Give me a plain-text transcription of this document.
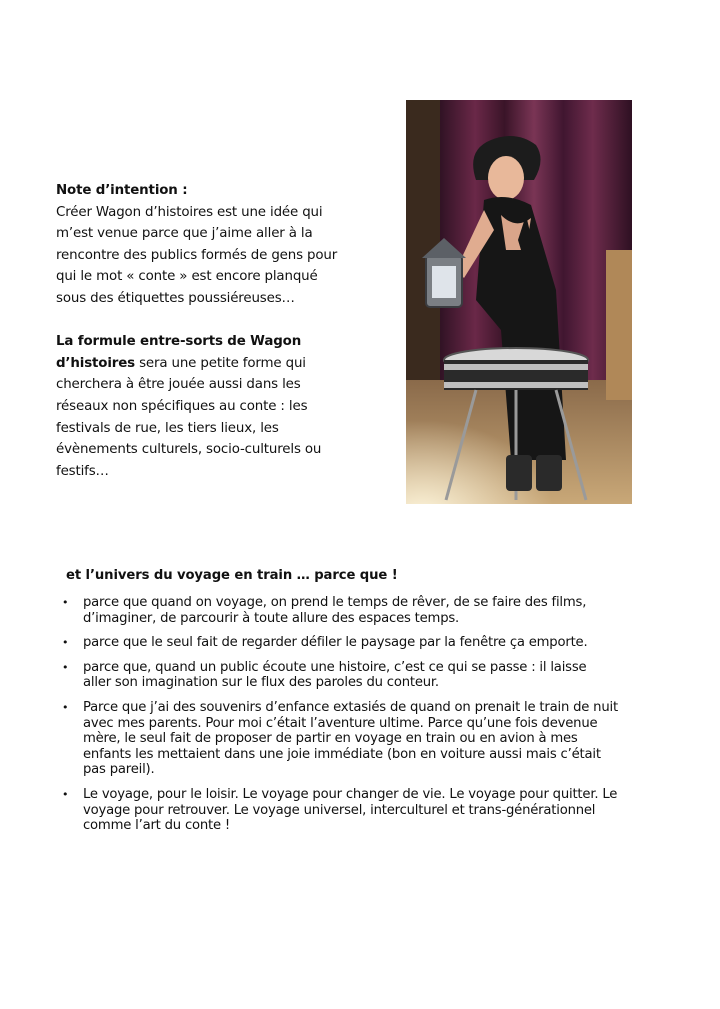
Note d’intention :

Créer Wagon d’histoires est une idée qui

m’est venue parce que j’aime aller à la

rencontre des publics formés de gens pour

qui le mot « conte » est encore planqué

sous des étiquettes poussiéreuses…

La formule entre-sorts de Wagon

d’histoires sera une petite forme qui

cherchera à être jouée aussi dans les

réseaux non spécifiques au conte : les

festivals de rue, les tiers lieux, les

évènements culturels, socio-culturels ou

festifs…

et l’univers du voyage en train … parce que !
• parce que quand on voyage, on prend le temps de rêver, de se faire des films,
d’imaginer, de parcourir à toute allure des espaces temps.
• parce que le seul fait de regarder défiler le paysage par la fenêtre ça emporte.
• parce que, quand un public écoute une histoire, c’est ce qui se passe : il laisse
aller son imagination sur le flux des paroles du conteur.
• Parce que j’ai des souvenirs d’enfance extasiés de quand on prenait le train de nuit
avec mes parents. Pour moi c’était l’aventure ultime. Parce qu’une fois devenue
mère, le seul fait de proposer de partir en voyage en train ou en avion à mes
enfants les mettaient dans une joie immédiate (bon en voiture aussi mais c’était
pas pareil).
• Le voyage, pour le loisir. Le voyage pour changer de vie. Le voyage pour quitter. Le
voyage pour retrouver. Le voyage universel, interculturel et trans-générationnel
comme l’art du conte !
